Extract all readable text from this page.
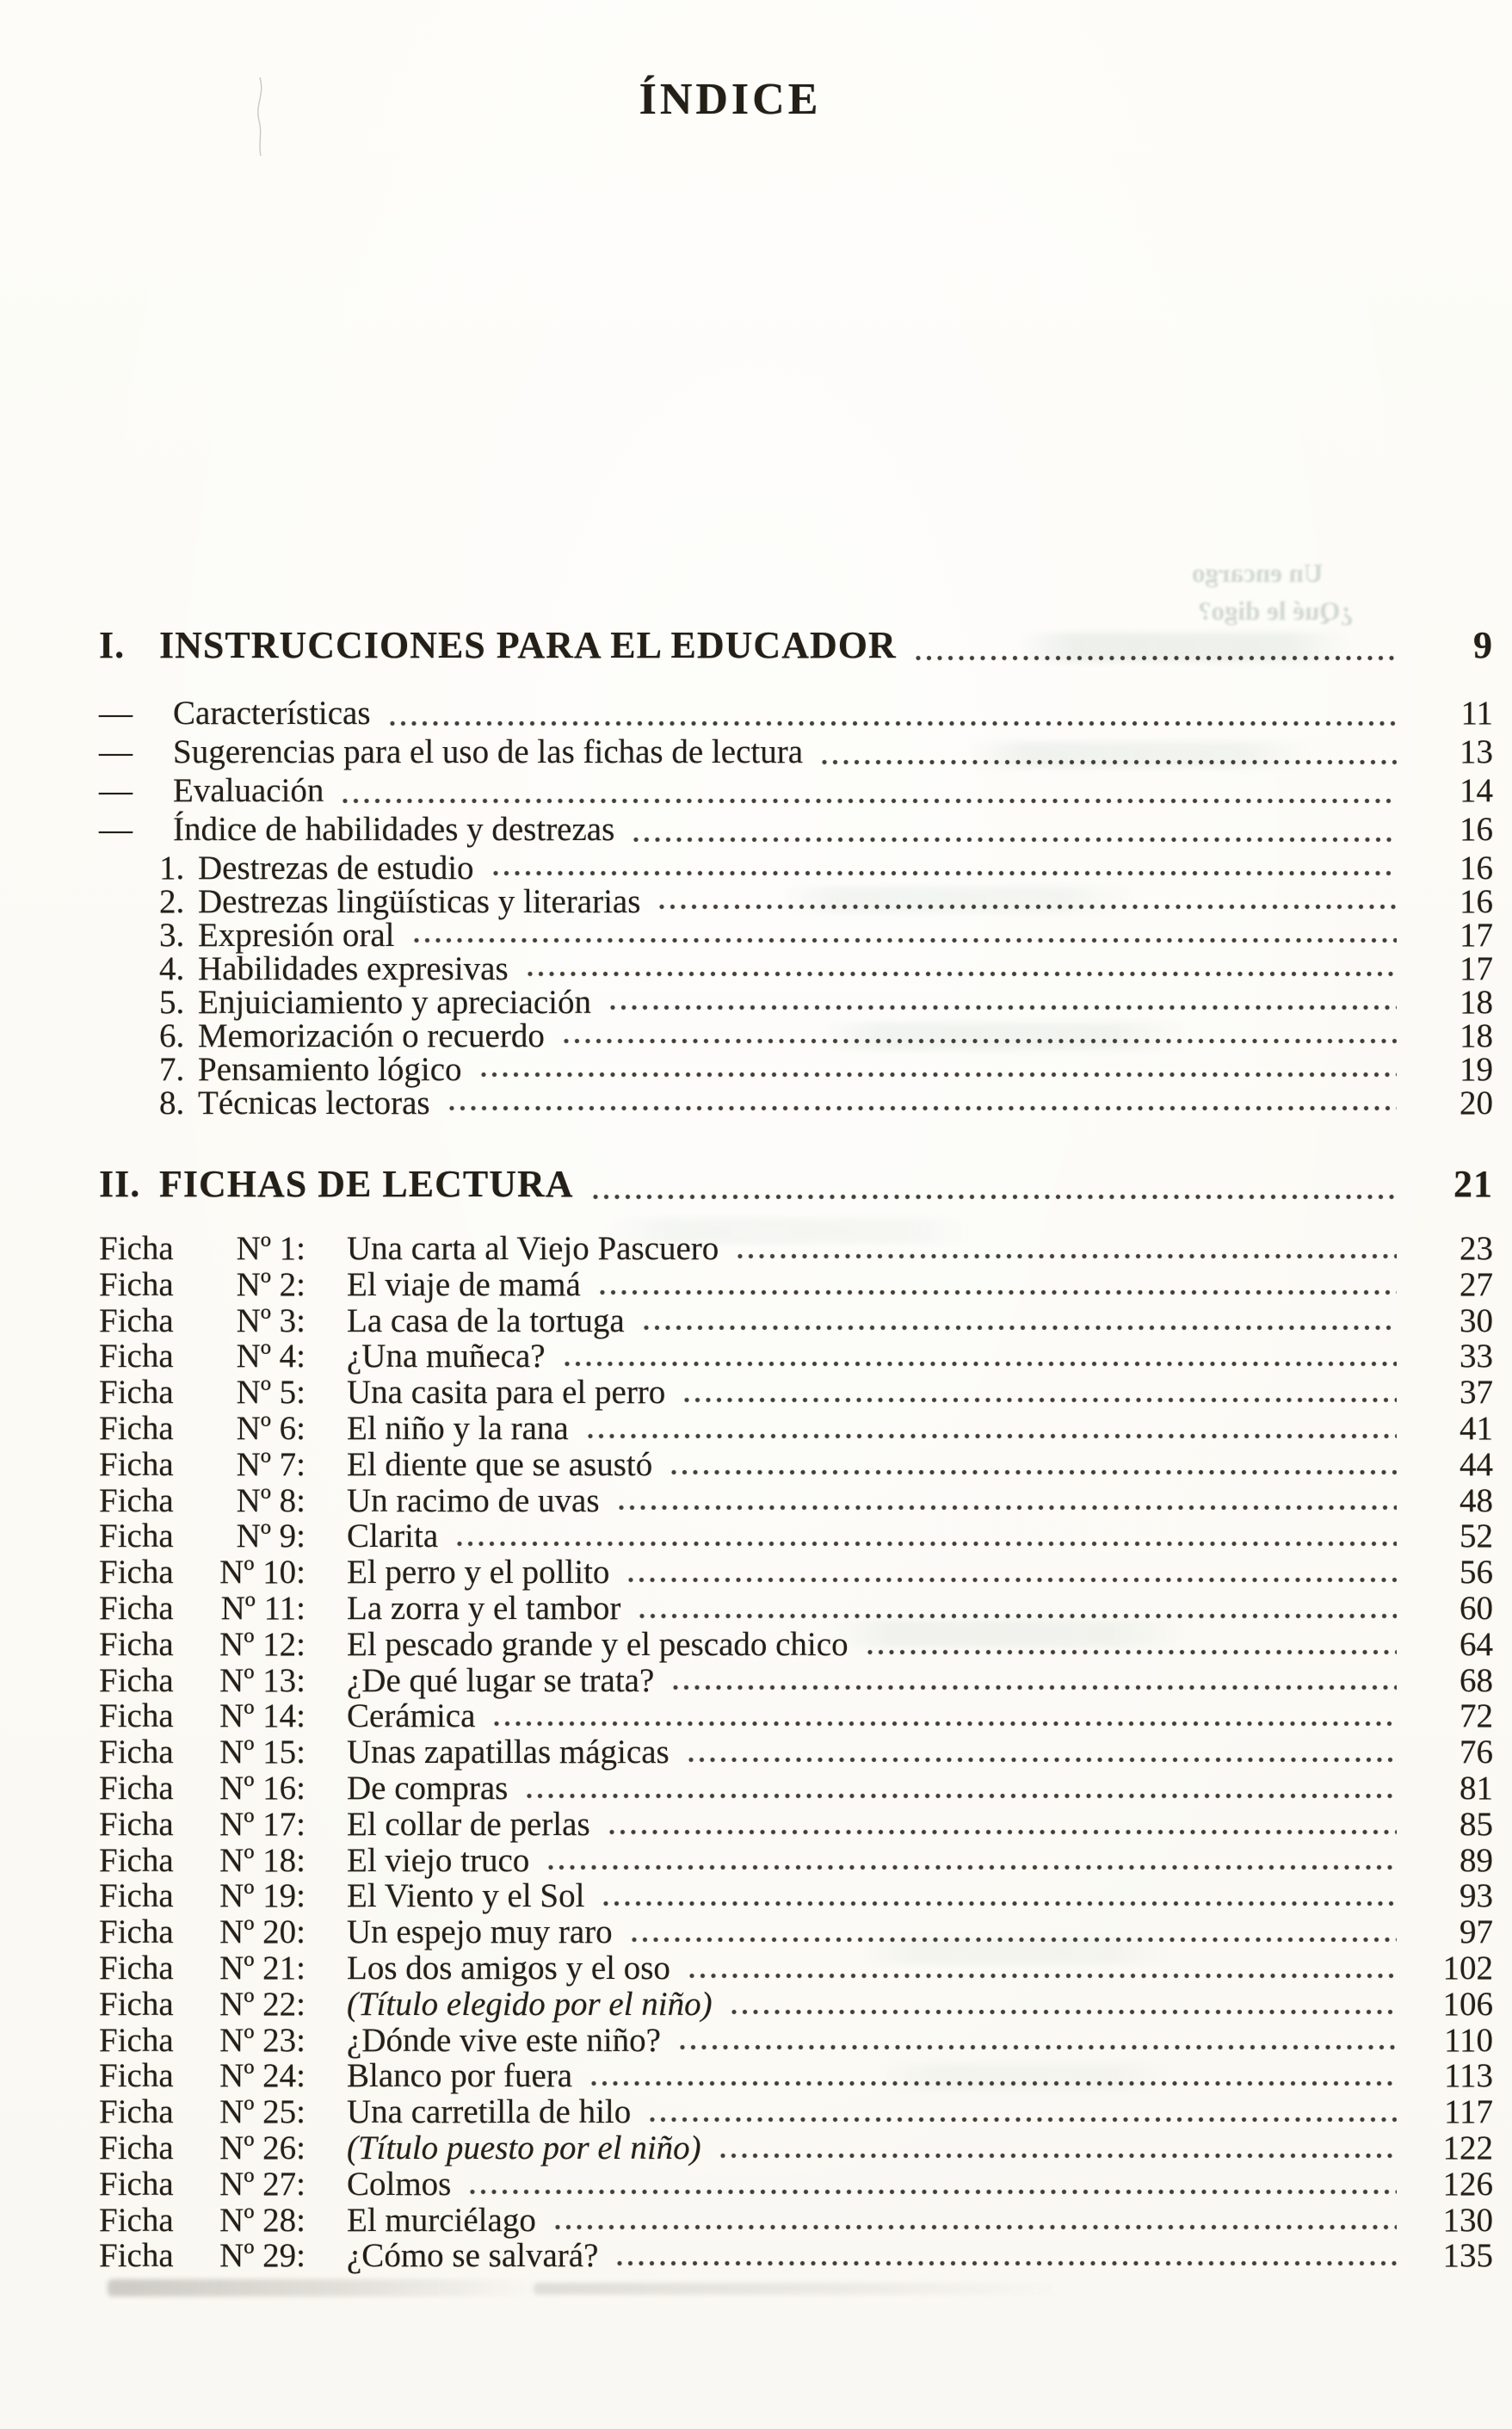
Un encargo
¿Qué le digo?
ÍNDICE
I. INSTRUCCIONES PARA EL EDUCADOR	9
—	Características	11
—	Sugerencias para el uso de las fichas de lectura	13
—	Evaluación	14
—	Índice de habilidades y destrezas	16
1. Destrezas de estudio	16
2. Destrezas lingüísticas y literarias	16
3. Expresión oral	17
4. Habilidades expresivas	17
5. Enjuiciamiento y apreciación	18
6. Memorización o recuerdo	18
7. Pensamiento lógico	19
8. Técnicas lectoras	20
II. FICHAS DE LECTURA	21
Ficha	Nº 1: Una carta al Viejo Pascuero	23
Ficha	Nº 2: El viaje de mamá	27
Ficha	Nº 3: La casa de la tortuga	30
Ficha	Nº 4: ¿Una muñeca?	33
Ficha	Nº 5: Una casita para el perro	37
Ficha	Nº 6: El niño y la rana	41
Ficha	Nº 7: El diente que se asustó	44
Ficha	Nº 8: Un racimo de uvas	48
Ficha	Nº 9: Clarita	52
Ficha	Nº 10: El perro y el pollito	56
Ficha	Nº 11: La zorra y el tambor	60
Ficha	Nº 12: El pescado grande y el pescado chico	64
Ficha	Nº 13: ¿De qué lugar se trata?	68
Ficha	Nº 14: Cerámica	72
Ficha	Nº 15: Unas zapatillas mágicas	76
Ficha	Nº 16: De compras	81
Ficha	Nº 17: El collar de perlas	85
Ficha	Nº 18: El viejo truco	89
Ficha	Nº 19: El Viento y el Sol	93
Ficha	Nº 20: Un espejo muy raro	97
Ficha	Nº 21: Los dos amigos y el oso	102
Ficha	Nº 22: (Título elegido por el niño)	106
Ficha	Nº 23: ¿Dónde vive este niño?	110
Ficha	Nº 24: Blanco por fuera	113
Ficha	Nº 25: Una carretilla de hilo	117
Ficha	Nº 26: (Título puesto por el niño)	122
Ficha	Nº 27: Colmos	126
Ficha	Nº 28: El murciélago	130
Ficha	Nº 29: ¿Cómo se salvará?	135
